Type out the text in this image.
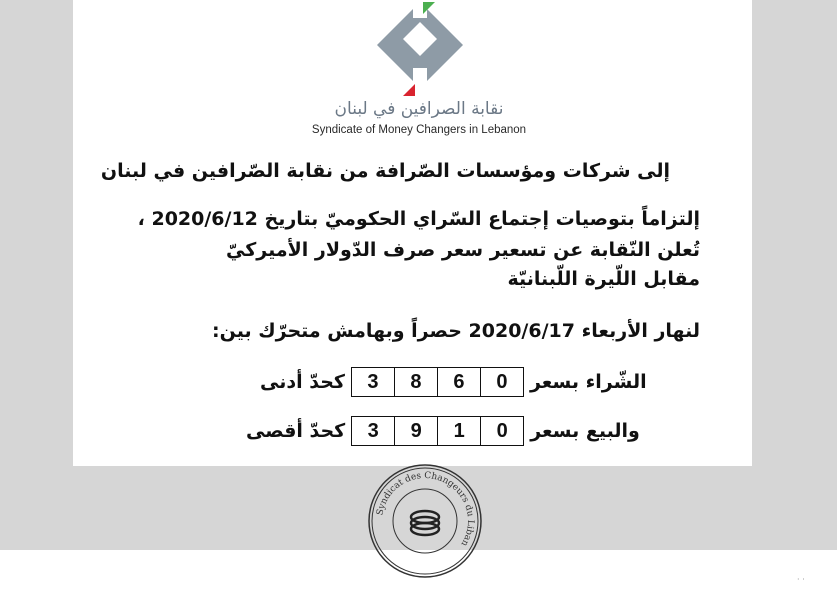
نقابة الصرافين في لبنان
Syndicate of Money Changers in Lebanon
إلى شركات ومؤسسات الصّرافة من نقابة الصّرافين في لبنان
إلتزاماً بتوصيات إجتماع السّراي الحكوميّ بتاريخ 2020/6/12 ،
تُعلن النّقابة عن تسعير سعر صرف الدّولار الأميركيّ
مقابل اللّيرة اللّبنانيّة
لنهار الأربعاء 2020/6/17 حصراً وبهامش متحرّك بين:
الشّراء بسعر
0
6
8
3
كحدّ أدنى
والبيع بسعر
0
1
9
3
كحدّ أقصى
Syndicat des Changeurs du Liban
· ·
